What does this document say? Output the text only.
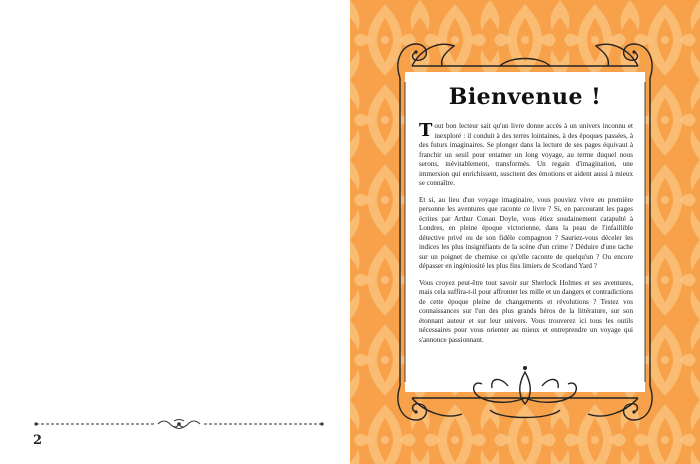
2
Bienvenue !

Tout bon lecteur sait qu'un livre donne accès à un univers inconnu et inexploré : il conduit à des terres lointaines, à des époques passées, à des futurs imaginaires. Se plonger dans la lecture de ses pages équivaut à franchir un seuil pour entamer un long voyage, au terme duquel nous serons, inévitablement, transformés. Un regain d'imagination, une immersion qui enrichissent, suscitent des émotions et aident aussi à mieux se connaître.

Et si, au lieu d'un voyage imaginaire, vous pouviez vivre en première personne les aventures que raconte ce livre ? Si, en parcourant les pages écrites par Arthur Conan Doyle, vous étiez soudainement catapulté à Londres, en pleine époque victorienne, dans la peau de l'infaillible détective privé ou de son fidèle compagnon ? Sauriez-vous déceler les indices les plus insignifiants de la scène d'un crime ? Déduire d'une tache sur un poignet de chemise ce qu'elle raconte de quelqu'un ? Ou encore dépasser en ingéniosité les plus fins limiers de Scotland Yard ?

Vous croyez peut-être tout savoir sur Sherlock Holmes et ses aventures, mais cela suffira-t-il pour affronter les mille et un dangers et contradictions de cette époque pleine de changements et révolutions ? Testez vos connaissances sur l'un des plus grands héros de la littérature, sur son étonnant auteur et sur leur univers. Vous trouverez ici tous les outils nécessaires pour vous orienter au mieux et entreprendre un voyage qui s'annonce passionnant.
